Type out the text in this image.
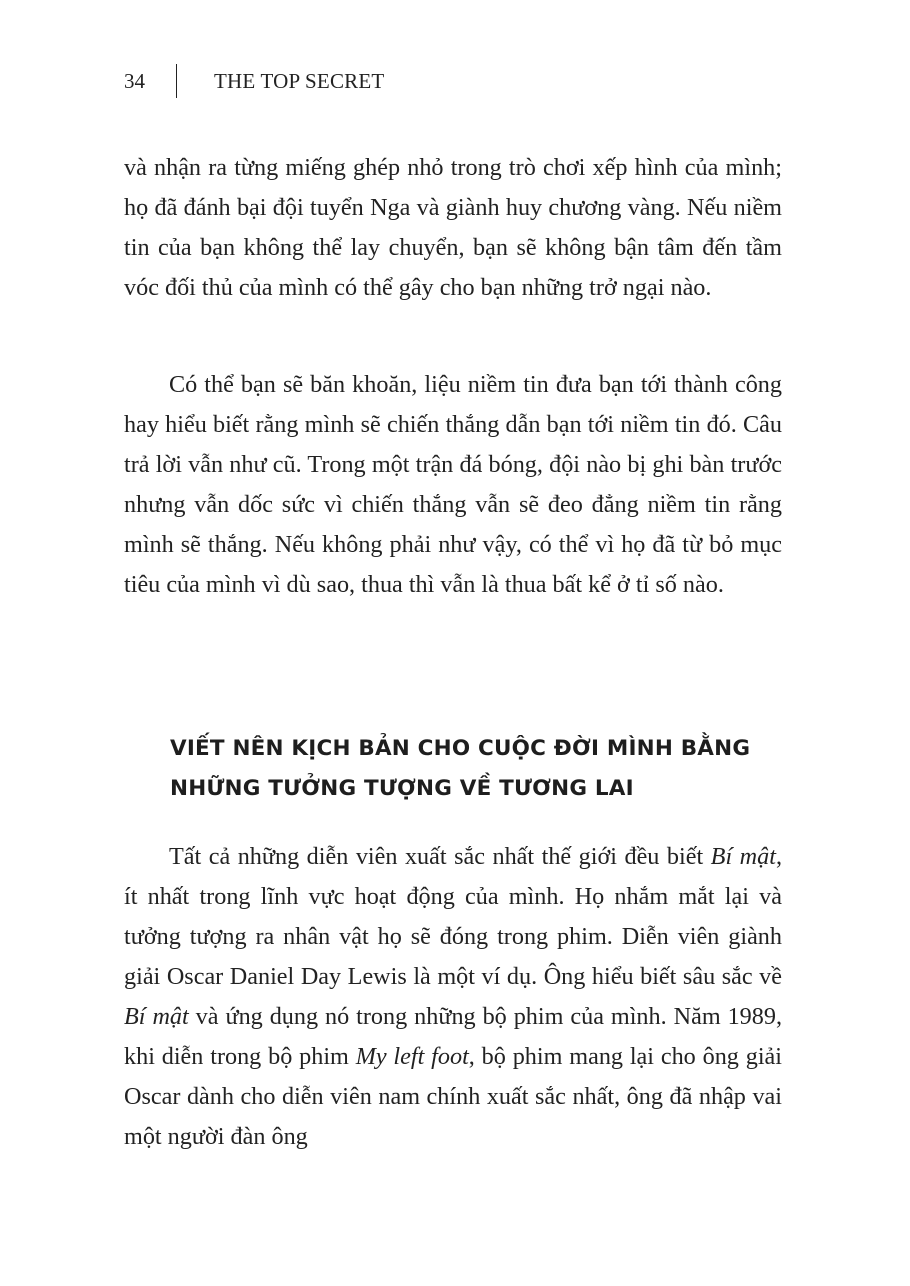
34	THE TOP SECRET

và nhận ra từng miếng ghép nhỏ trong trò chơi xếp hình của mình; họ đã đánh bại đội tuyển Nga và giành huy chương vàng. Nếu niềm tin của bạn không thể lay chuyển, bạn sẽ không bận tâm đến tầm vóc đối thủ của mình có thể gây cho bạn những trở ngại nào.

Có thể bạn sẽ băn khoăn, liệu niềm tin đưa bạn tới thành công hay hiểu biết rằng mình sẽ chiến thắng dẫn bạn tới niềm tin đó. Câu trả lời vẫn như cũ. Trong một trận đá bóng, đội nào bị ghi bàn trước nhưng vẫn dốc sức vì chiến thắng vẫn sẽ đeo đẳng niềm tin rằng mình sẽ thắng. Nếu không phải như vậy, có thể vì họ đã từ bỏ mục tiêu của mình vì dù sao, thua thì vẫn là thua bất kể ở tỉ số nào.

VIẾT NÊN KỊCH BẢN CHO CUỘC ĐỜI MÌNH BẰNG
NHỮNG TƯỞNG TƯỢNG VỀ TƯƠNG LAI

Tất cả những diễn viên xuất sắc nhất thế giới đều biết Bí mật, ít nhất trong lĩnh vực hoạt động của mình. Họ nhắm mắt lại và tưởng tượng ra nhân vật họ sẽ đóng trong phim. Diễn viên giành giải Oscar Daniel Day Lewis là một ví dụ. Ông hiểu biết sâu sắc về Bí mật và ứng dụng nó trong những bộ phim của mình. Năm 1989, khi diễn trong bộ phim My left foot, bộ phim mang lại cho ông giải Oscar dành cho diễn viên nam chính xuất sắc nhất, ông đã nhập vai một người đàn ông
